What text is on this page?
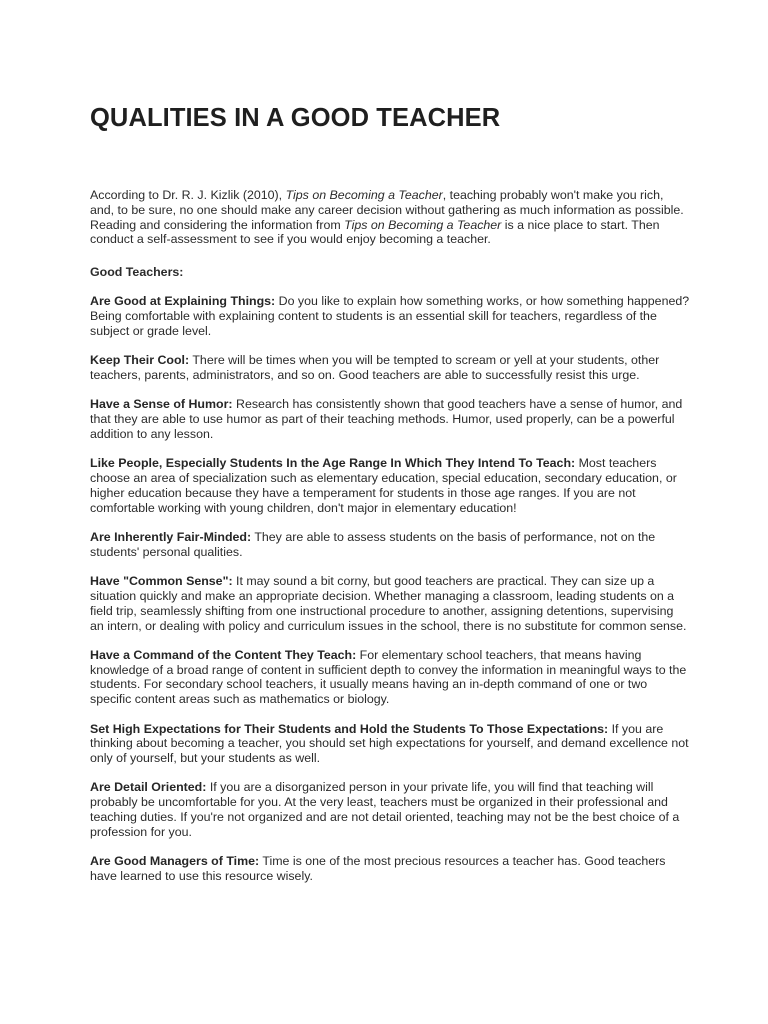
QUALITIES IN A GOOD TEACHER

According to Dr. R. J. Kizlik (2010), Tips on Becoming a Teacher, teaching probably won't make you rich, and, to be sure, no one should make any career decision without gathering as much information as possible. Reading and considering the information from Tips on Becoming a Teacher is a nice place to start. Then conduct a self-assessment to see if you would enjoy becoming a teacher.

Good Teachers:

Are Good at Explaining Things: Do you like to explain how something works, or how something happened? Being comfortable with explaining content to students is an essential skill for teachers, regardless of the subject or grade level.

Keep Their Cool: There will be times when you will be tempted to scream or yell at your students, other teachers, parents, administrators, and so on. Good teachers are able to successfully resist this urge.

Have a Sense of Humor: Research has consistently shown that good teachers have a sense of humor, and that they are able to use humor as part of their teaching methods. Humor, used properly, can be a powerful addition to any lesson.

Like People, Especially Students In the Age Range In Which They Intend To Teach: Most teachers choose an area of specialization such as elementary education, special education, secondary education, or higher education because they have a temperament for students in those age ranges. If you are not comfortable working with young children, don't major in elementary education!

Are Inherently Fair-Minded: They are able to assess students on the basis of performance, not on the students' personal qualities.

Have "Common Sense": It may sound a bit corny, but good teachers are practical. They can size up a situation quickly and make an appropriate decision. Whether managing a classroom, leading students on a field trip, seamlessly shifting from one instructional procedure to another, assigning detentions, supervising an intern, or dealing with policy and curriculum issues in the school, there is no substitute for common sense.

Have a Command of the Content They Teach: For elementary school teachers, that means having knowledge of a broad range of content in sufficient depth to convey the information in meaningful ways to the students. For secondary school teachers, it usually means having an in-depth command of one or two specific content areas such as mathematics or biology.

Set High Expectations for Their Students and Hold the Students To Those Expectations: If you are thinking about becoming a teacher, you should set high expectations for yourself, and demand excellence not only of yourself, but your students as well.

Are Detail Oriented: If you are a disorganized person in your private life, you will find that teaching will probably be uncomfortable for you. At the very least, teachers must be organized in their professional and teaching duties. If you're not organized and are not detail oriented, teaching may not be the best choice of a profession for you.

Are Good Managers of Time: Time is one of the most precious resources a teacher has. Good teachers have learned to use this resource wisely.
